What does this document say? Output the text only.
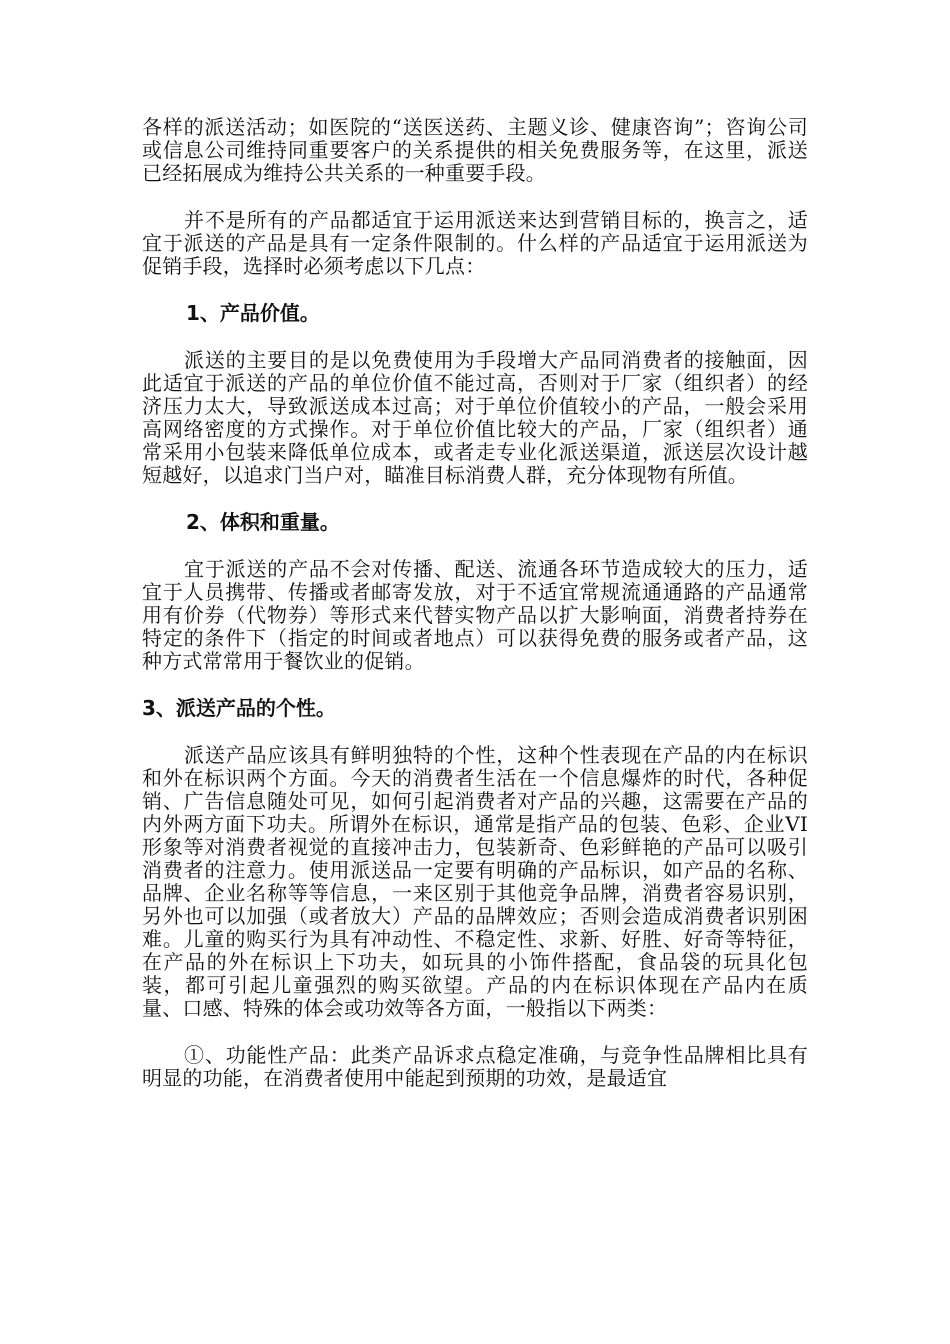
各样的派送活动；如医院的“送医送药、主题义诊、健康咨询”；咨询公司或信息公司维持同重要客户的关系提供的相关免费服务等，在这里，派送已经拓展成为维持公共关系的一种重要手段。

并不是所有的产品都适宜于运用派送来达到营销目标的，换言之，适宜于派送的产品是具有一定条件限制的。什么样的产品适宜于运用派送为促销手段，选择时必须考虑以下几点：

1、产品价值。

派送的主要目的是以免费使用为手段增大产品同消费者的接触面，因此适宜于派送的产品的单位价值不能过高，否则对于厂家（组织者）的经济压力太大，导致派送成本过高；对于单位价值较小的产品，一般会采用高网络密度的方式操作。对于单位价值比较大的产品，厂家（组织者）通常采用小包装来降低单位成本，或者走专业化派送渠道，派送层次设计越短越好，以追求门当户对，瞄准目标消费人群，充分体现物有所值。

2、体积和重量。

宜于派送的产品不会对传播、配送、流通各环节造成较大的压力，适宜于人员携带、传播或者邮寄发放，对于不适宜常规流通通路的产品通常用有价券（代物券）等形式来代替实物产品以扩大影响面，消费者持券在特定的条件下（指定的时间或者地点）可以获得免费的服务或者产品，这种方式常常用于餐饮业的促销。

3、派送产品的个性。

派送产品应该具有鲜明独特的个性，这种个性表现在产品的内在标识和外在标识两个方面。今天的消费者生活在一个信息爆炸的时代，各种促销、广告信息随处可见，如何引起消费者对产品的兴趣，这需要在产品的内外两方面下功夫。所谓外在标识，通常是指产品的包装、色彩、企业VI形象等对消费者视觉的直接冲击力，包装新奇、色彩鲜艳的产品可以吸引消费者的注意力。使用派送品一定要有明确的产品标识，如产品的名称、品牌、企业名称等等信息，一来区别于其他竞争品牌，消费者容易识别，另外也可以加强（或者放大）产品的品牌效应；否则会造成消费者识别困难。儿童的购买行为具有冲动性、不稳定性、求新、好胜、好奇等特征，在产品的外在标识上下功夫，如玩具的小饰件搭配，食品袋的玩具化包装，都可引起儿童强烈的购买欲望。产品的内在标识体现在产品内在质量、口感、特殊的体会或功效等各方面，一般指以下两类：

①、功能性产品：此类产品诉求点稳定准确，与竞争性品牌相比具有明显的功能，在消费者使用中能起到预期的功效，是最适宜
